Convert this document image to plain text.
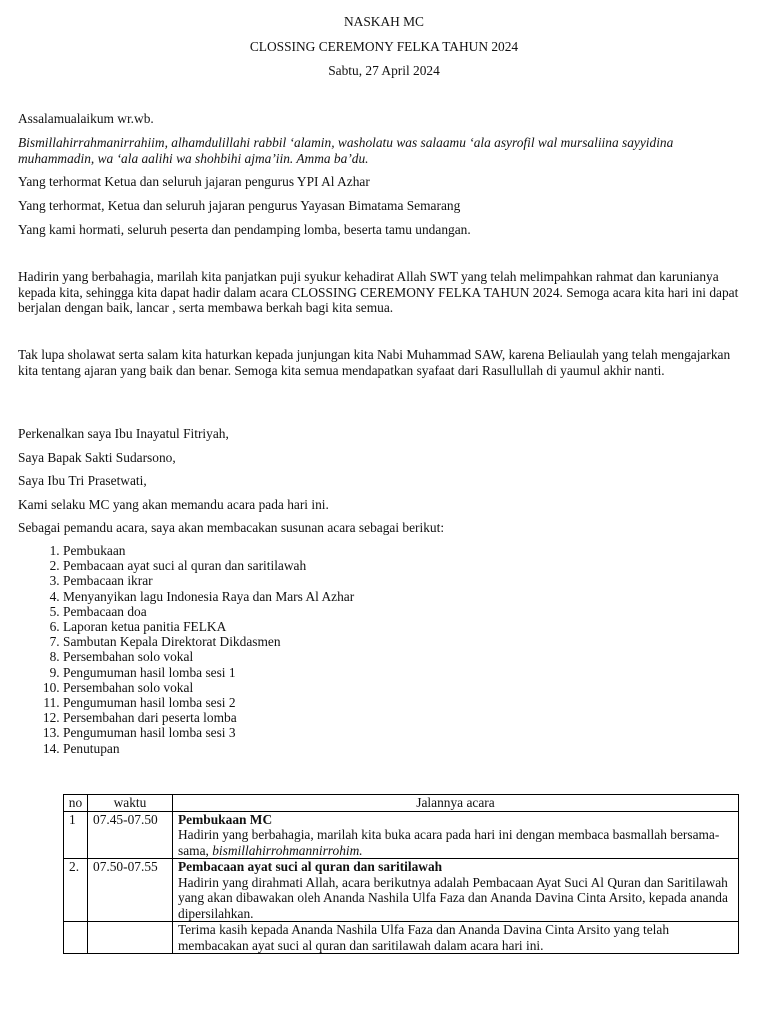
NASKAH MC
CLOSSING CEREMONY FELKA TAHUN 2024
Sabtu, 27 April 2024

Assalamualaikum wr.wb.

Bismillahirrahmanirrahiim, alhamdulillahi rabbil ‘alamin, washolatu was salaamu ‘ala asyrofil wal mursaliina sayyidina muhammadin, wa ‘ala aalihi wa shohbihi ajma’iin. Amma ba’du.

Yang terhormat Ketua dan seluruh jajaran pengurus YPI Al Azhar

Yang terhormat, Ketua dan seluruh jajaran pengurus Yayasan Bimatama Semarang

Yang kami hormati, seluruh peserta dan pendamping lomba, beserta tamu undangan.

Hadirin yang berbahagia, marilah kita panjatkan puji syukur kehadirat Allah SWT yang telah melimpahkan rahmat dan karunianya kepada kita, sehingga kita dapat hadir dalam acara CLOSSING CEREMONY FELKA TAHUN 2024. Semoga acara kita hari ini dapat berjalan dengan baik, lancar , serta membawa berkah bagi kita semua.

Tak lupa sholawat serta salam kita haturkan kepada junjungan kita Nabi Muhammad SAW, karena Beliaulah yang telah mengajarkan kita tentang ajaran yang baik dan benar. Semoga kita semua mendapatkan syafaat dari Rasullullah di yaumul akhir nanti.

Perkenalkan saya Ibu Inayatul Fitriyah,

Saya Bapak Sakti Sudarsono,

Saya Ibu Tri Prasetwati,

Kami selaku MC yang akan memandu acara pada hari ini.

Sebagai pemandu acara, saya akan membacakan susunan acara sebagai berikut:

1. Pembukaan
2. Pembacaan ayat suci al quran dan saritilawah
3. Pembacaan ikrar
4. Menyanyikan lagu Indonesia Raya dan Mars Al Azhar
5. Pembacaan doa
6. Laporan ketua panitia FELKA
7. Sambutan Kepala Direktorat Dikdasmen
8. Persembahan solo vokal
9. Pengumuman hasil lomba sesi 1
10. Persembahan solo vokal
11. Pengumuman hasil lomba sesi 2
12. Persembahan dari peserta lomba
13. Pengumuman hasil lomba sesi 3
14. Penutupan
no	waktu	Jalannya acara
1	07.45-07.50	Pembukaan MC
Hadirin yang berbahagia, marilah kita buka acara pada hari ini dengan membaca basmallah bersama-sama, bismillahirrohmannirrohim.
2.	07.50-07.55	Pembacaan ayat suci al quran dan saritilawah
Hadirin yang dirahmati Allah, acara berikutnya adalah Pembacaan Ayat Suci Al Quran dan Saritilawah yang akan dibawakan oleh Ananda Nashila Ulfa Faza dan Ananda Davina Cinta Arsito, kepada ananda dipersilahkan.
		Terima kasih kepada Ananda Nashila Ulfa Faza dan Ananda Davina Cinta Arsito yang telah membacakan ayat suci al quran dan saritilawah dalam acara hari ini.
